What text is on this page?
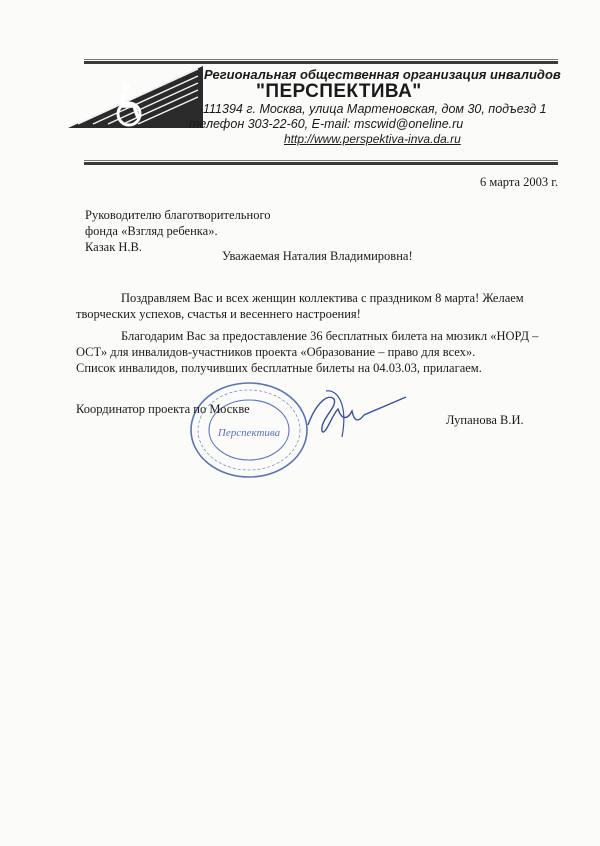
Региональная общественная организация инвалидов
"ПЕРСПЕКТИВА"
111394 г. Москва, улица Мартеновская, дом 30, подъезд 1
телефон 303-22-60, E-mail: mscwid@oneline.ru
http://www.perspektiva-inva.da.ru
6 марта 2003 г.
Руководителю благотворительного
фонда «Взгляд ребенка».
Казак Н.В.
Уважаемая Наталия Владимировна!
Поздравляем Вас и всех женщин коллектива с праздником 8 марта! Желаем
творческих успехов, счастья и весеннего настроения!
Благодарим Вас за предоставление 36 бесплатных билета на мюзикл «НОРД –
ОСТ» для инвалидов-участников проекта «Образование – право для всех».
Список инвалидов, получивших бесплатные билеты на 04.03.03, прилагаем.
Перспектива
Координатор проекта по Москве
Лупанова В.И.
